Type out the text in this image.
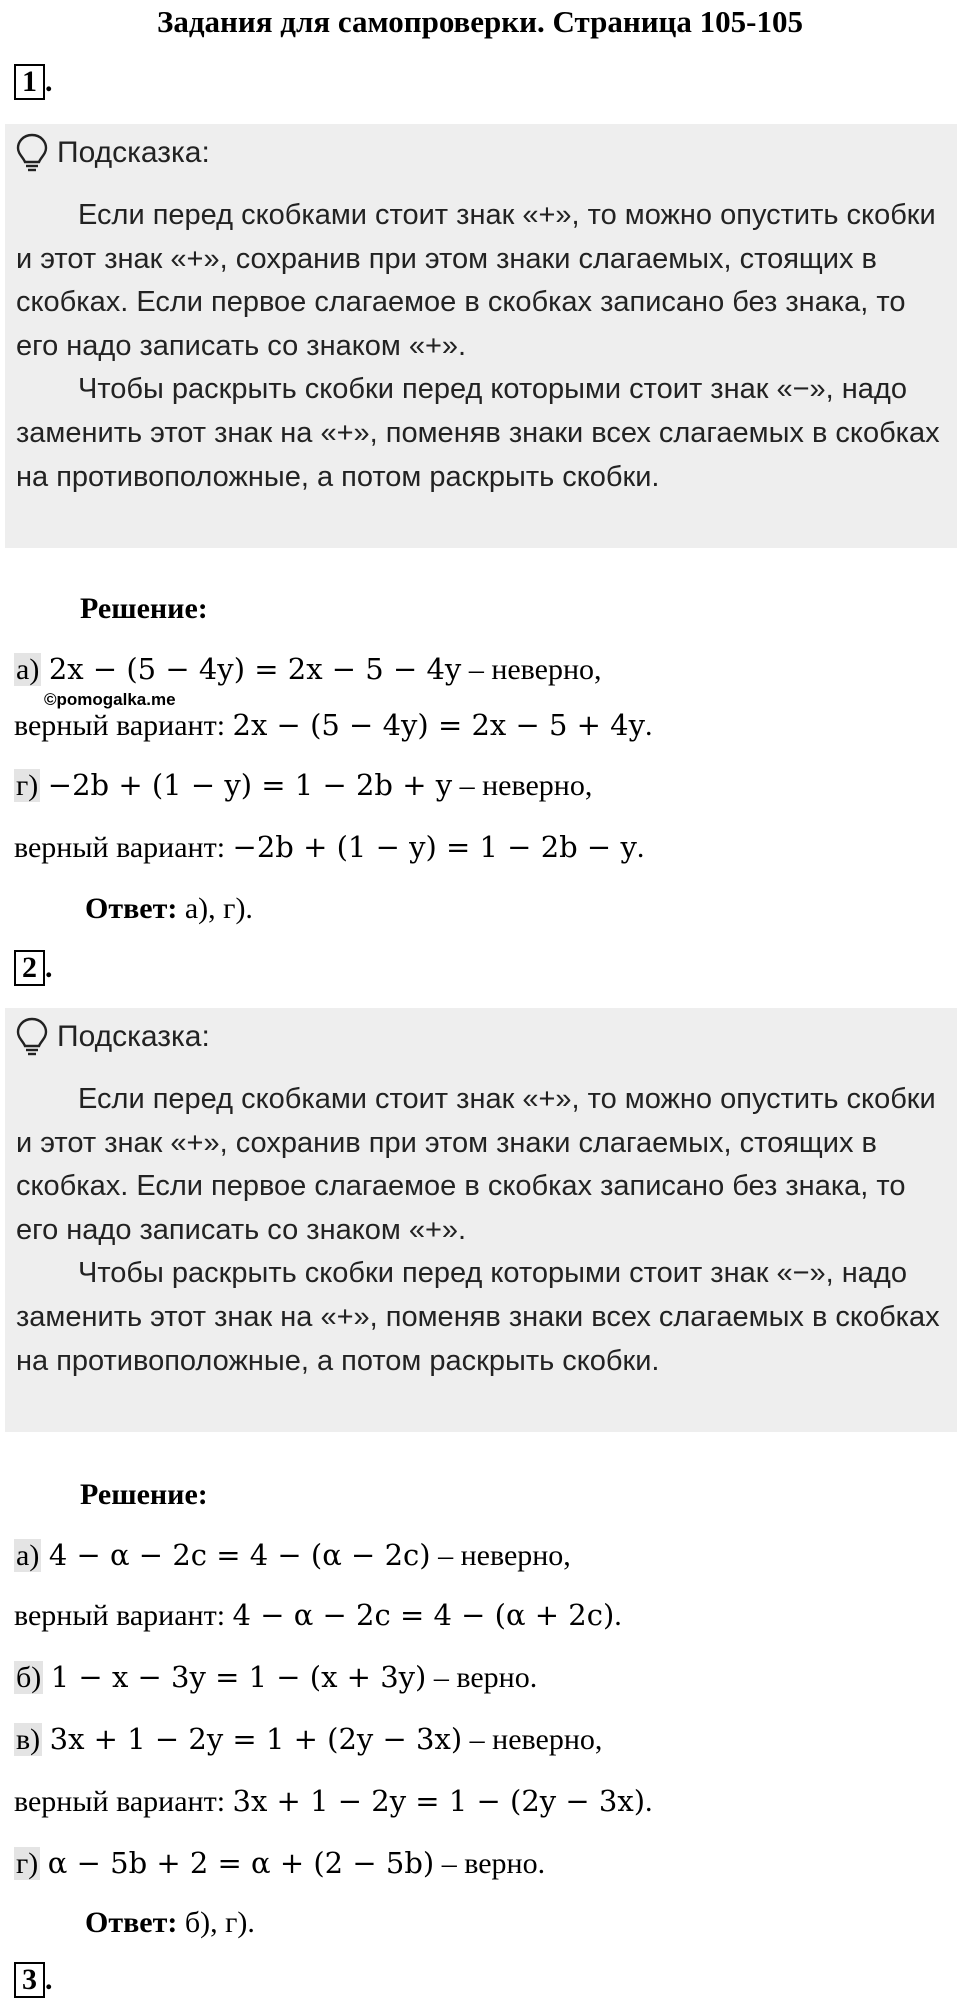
Задания для самопроверки. Страница 105-105
1 .
Подсказка:

Если перед скобками стоит знак «+», то можно опустить скобки и этот знак «+», сохранив при этом знаки слагаемых, стоящих в скобках. Если первое слагаемое в скобках записано без знака, то его надо записать со знаком «+».

Чтобы раскрыть скобки перед которыми стоит знак «−», надо заменить этот знак на «+», поменяв знаки всех слагаемых в скобках на противоположные, а потом раскрыть скобки.

Решение:
а) 2x − (5 − 4y) = 2x − 5 − 4y – неверно,
верный вариант: 2x − (5 − 4y) = 2x − 5 + 4y.
г) −2b + (1 − y) = 1 − 2b + y – неверно,
верный вариант: −2b + (1 − y) = 1 − 2b − y.
Ответ: а), г).
©pomogalka.me
2 .
Подсказка:

Если перед скобками стоит знак «+», то можно опустить скобки и этот знак «+», сохранив при этом знаки слагаемых, стоящих в скобках. Если первое слагаемое в скобках записано без знака, то его надо записать со знаком «+».

Чтобы раскрыть скобки перед которыми стоит знак «−», надо заменить этот знак на «+», поменяв знаки всех слагаемых в скобках на противоположные, а потом раскрыть скобки.

Решение:
а) 4 − α − 2c = 4 − (α − 2c) – неверно,
верный вариант: 4 − α − 2c = 4 − (α + 2c).
б) 1 − x − 3y = 1 − (x + 3y) – верно.
в) 3x + 1 − 2y = 1 + (2y − 3x) – неверно,
верный вариант: 3x + 1 − 2y = 1 − (2y − 3x).
г) α − 5b + 2 = α + (2 − 5b) – верно.
Ответ: б), г).
3 .
